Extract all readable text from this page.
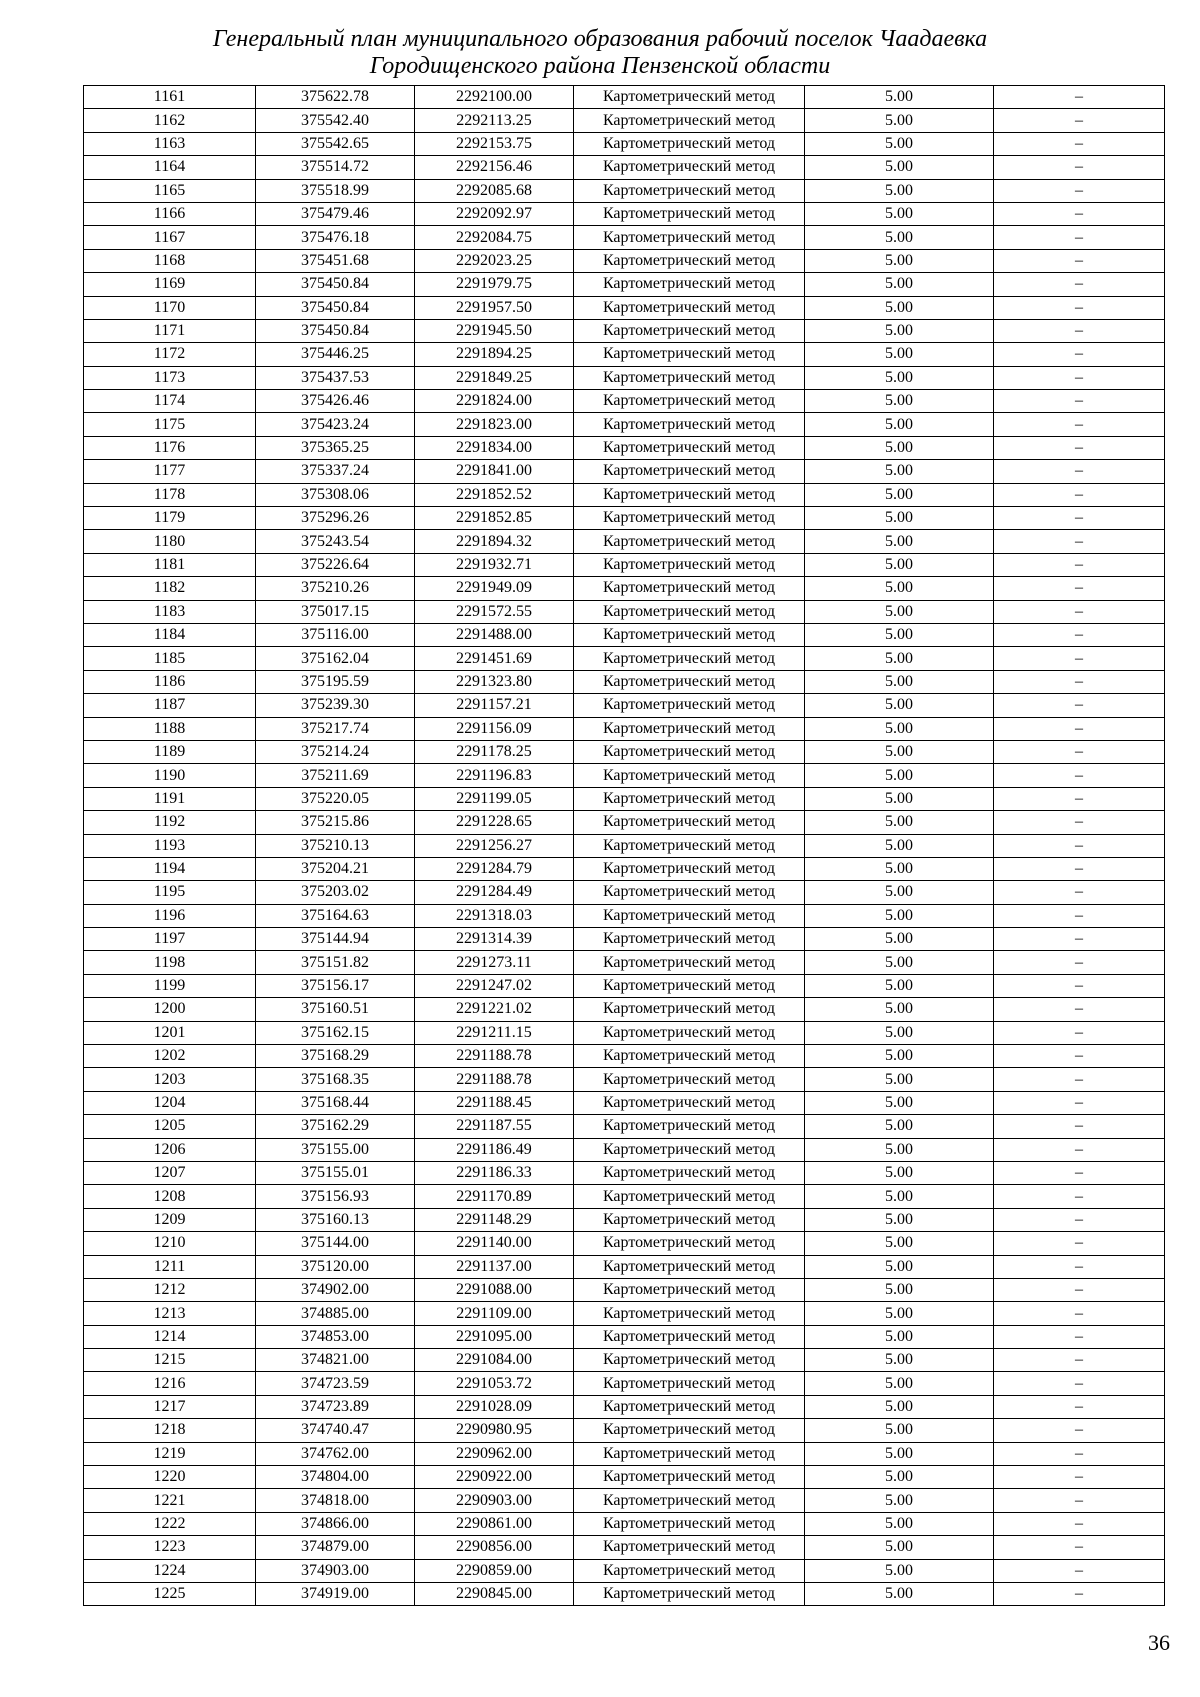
Генеральный план муниципального образования рабочий поселок Чаадаевка
Городищенского района Пензенской области
1161	375622.78	2292100.00	Картометрический метод	5.00	–
1162	375542.40	2292113.25	Картометрический метод	5.00	–
1163	375542.65	2292153.75	Картометрический метод	5.00	–
1164	375514.72	2292156.46	Картометрический метод	5.00	–
1165	375518.99	2292085.68	Картометрический метод	5.00	–
1166	375479.46	2292092.97	Картометрический метод	5.00	–
1167	375476.18	2292084.75	Картометрический метод	5.00	–
1168	375451.68	2292023.25	Картометрический метод	5.00	–
1169	375450.84	2291979.75	Картометрический метод	5.00	–
1170	375450.84	2291957.50	Картометрический метод	5.00	–
1171	375450.84	2291945.50	Картометрический метод	5.00	–
1172	375446.25	2291894.25	Картометрический метод	5.00	–
1173	375437.53	2291849.25	Картометрический метод	5.00	–
1174	375426.46	2291824.00	Картометрический метод	5.00	–
1175	375423.24	2291823.00	Картометрический метод	5.00	–
1176	375365.25	2291834.00	Картометрический метод	5.00	–
1177	375337.24	2291841.00	Картометрический метод	5.00	–
1178	375308.06	2291852.52	Картометрический метод	5.00	–
1179	375296.26	2291852.85	Картометрический метод	5.00	–
1180	375243.54	2291894.32	Картометрический метод	5.00	–
1181	375226.64	2291932.71	Картометрический метод	5.00	–
1182	375210.26	2291949.09	Картометрический метод	5.00	–
1183	375017.15	2291572.55	Картометрический метод	5.00	–
1184	375116.00	2291488.00	Картометрический метод	5.00	–
1185	375162.04	2291451.69	Картометрический метод	5.00	–
1186	375195.59	2291323.80	Картометрический метод	5.00	–
1187	375239.30	2291157.21	Картометрический метод	5.00	–
1188	375217.74	2291156.09	Картометрический метод	5.00	–
1189	375214.24	2291178.25	Картометрический метод	5.00	–
1190	375211.69	2291196.83	Картометрический метод	5.00	–
1191	375220.05	2291199.05	Картометрический метод	5.00	–
1192	375215.86	2291228.65	Картометрический метод	5.00	–
1193	375210.13	2291256.27	Картометрический метод	5.00	–
1194	375204.21	2291284.79	Картометрический метод	5.00	–
1195	375203.02	2291284.49	Картометрический метод	5.00	–
1196	375164.63	2291318.03	Картометрический метод	5.00	–
1197	375144.94	2291314.39	Картометрический метод	5.00	–
1198	375151.82	2291273.11	Картометрический метод	5.00	–
1199	375156.17	2291247.02	Картометрический метод	5.00	–
1200	375160.51	2291221.02	Картометрический метод	5.00	–
1201	375162.15	2291211.15	Картометрический метод	5.00	–
1202	375168.29	2291188.78	Картометрический метод	5.00	–
1203	375168.35	2291188.78	Картометрический метод	5.00	–
1204	375168.44	2291188.45	Картометрический метод	5.00	–
1205	375162.29	2291187.55	Картометрический метод	5.00	–
1206	375155.00	2291186.49	Картометрический метод	5.00	–
1207	375155.01	2291186.33	Картометрический метод	5.00	–
1208	375156.93	2291170.89	Картометрический метод	5.00	–
1209	375160.13	2291148.29	Картометрический метод	5.00	–
1210	375144.00	2291140.00	Картометрический метод	5.00	–
1211	375120.00	2291137.00	Картометрический метод	5.00	–
1212	374902.00	2291088.00	Картометрический метод	5.00	–
1213	374885.00	2291109.00	Картометрический метод	5.00	–
1214	374853.00	2291095.00	Картометрический метод	5.00	–
1215	374821.00	2291084.00	Картометрический метод	5.00	–
1216	374723.59	2291053.72	Картометрический метод	5.00	–
1217	374723.89	2291028.09	Картометрический метод	5.00	–
1218	374740.47	2290980.95	Картометрический метод	5.00	–
1219	374762.00	2290962.00	Картометрический метод	5.00	–
1220	374804.00	2290922.00	Картометрический метод	5.00	–
1221	374818.00	2290903.00	Картометрический метод	5.00	–
1222	374866.00	2290861.00	Картометрический метод	5.00	–
1223	374879.00	2290856.00	Картометрический метод	5.00	–
1224	374903.00	2290859.00	Картометрический метод	5.00	–
1225	374919.00	2290845.00	Картометрический метод	5.00	–
36
